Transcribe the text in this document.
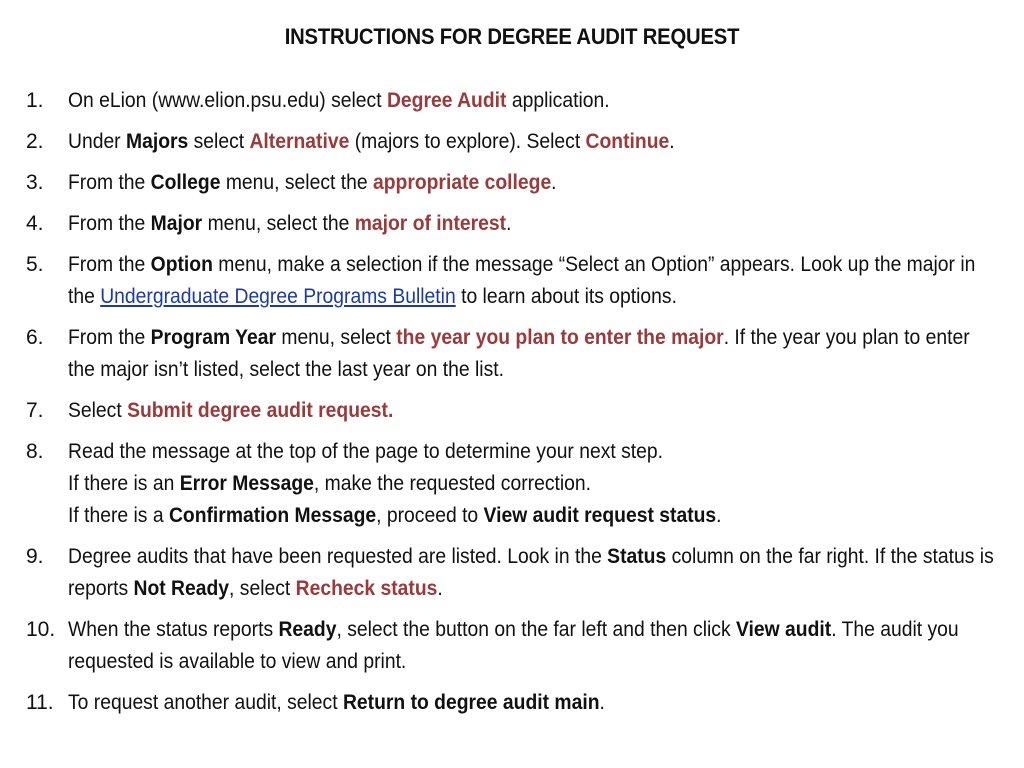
INSTRUCTIONS FOR DEGREE AUDIT REQUEST
1.	On eLion (www.elion.psu.edu) select Degree Audit application.
2.	Under Majors select Alternative (majors to explore). Select Continue.
3.	From the College menu, select the appropriate college.
4.	From the Major menu, select the major of interest.
5.	From the Option menu, make a selection if the message “Select an Option” appears. Look up the major in the Undergraduate Degree Programs Bulletin to learn about its options.
6.	From the Program Year menu, select the year you plan to enter the major. If the year you plan to enter the major isn’t listed, select the last year on the list.
7.	Select Submit degree audit request.
8.	Read the message at the top of the page to determine your next step.
If there is an Error Message, make the requested correction.
If there is a Confirmation Message, proceed to View audit request status.
9.	Degree audits that have been requested are listed. Look in the Status column on the far right. If the status is reports Not Ready, select Recheck status.
10. When the status reports Ready, select the button on the far left and then click View audit. The audit you requested is available to view and print.
11. To request another audit, select Return to degree audit main.
